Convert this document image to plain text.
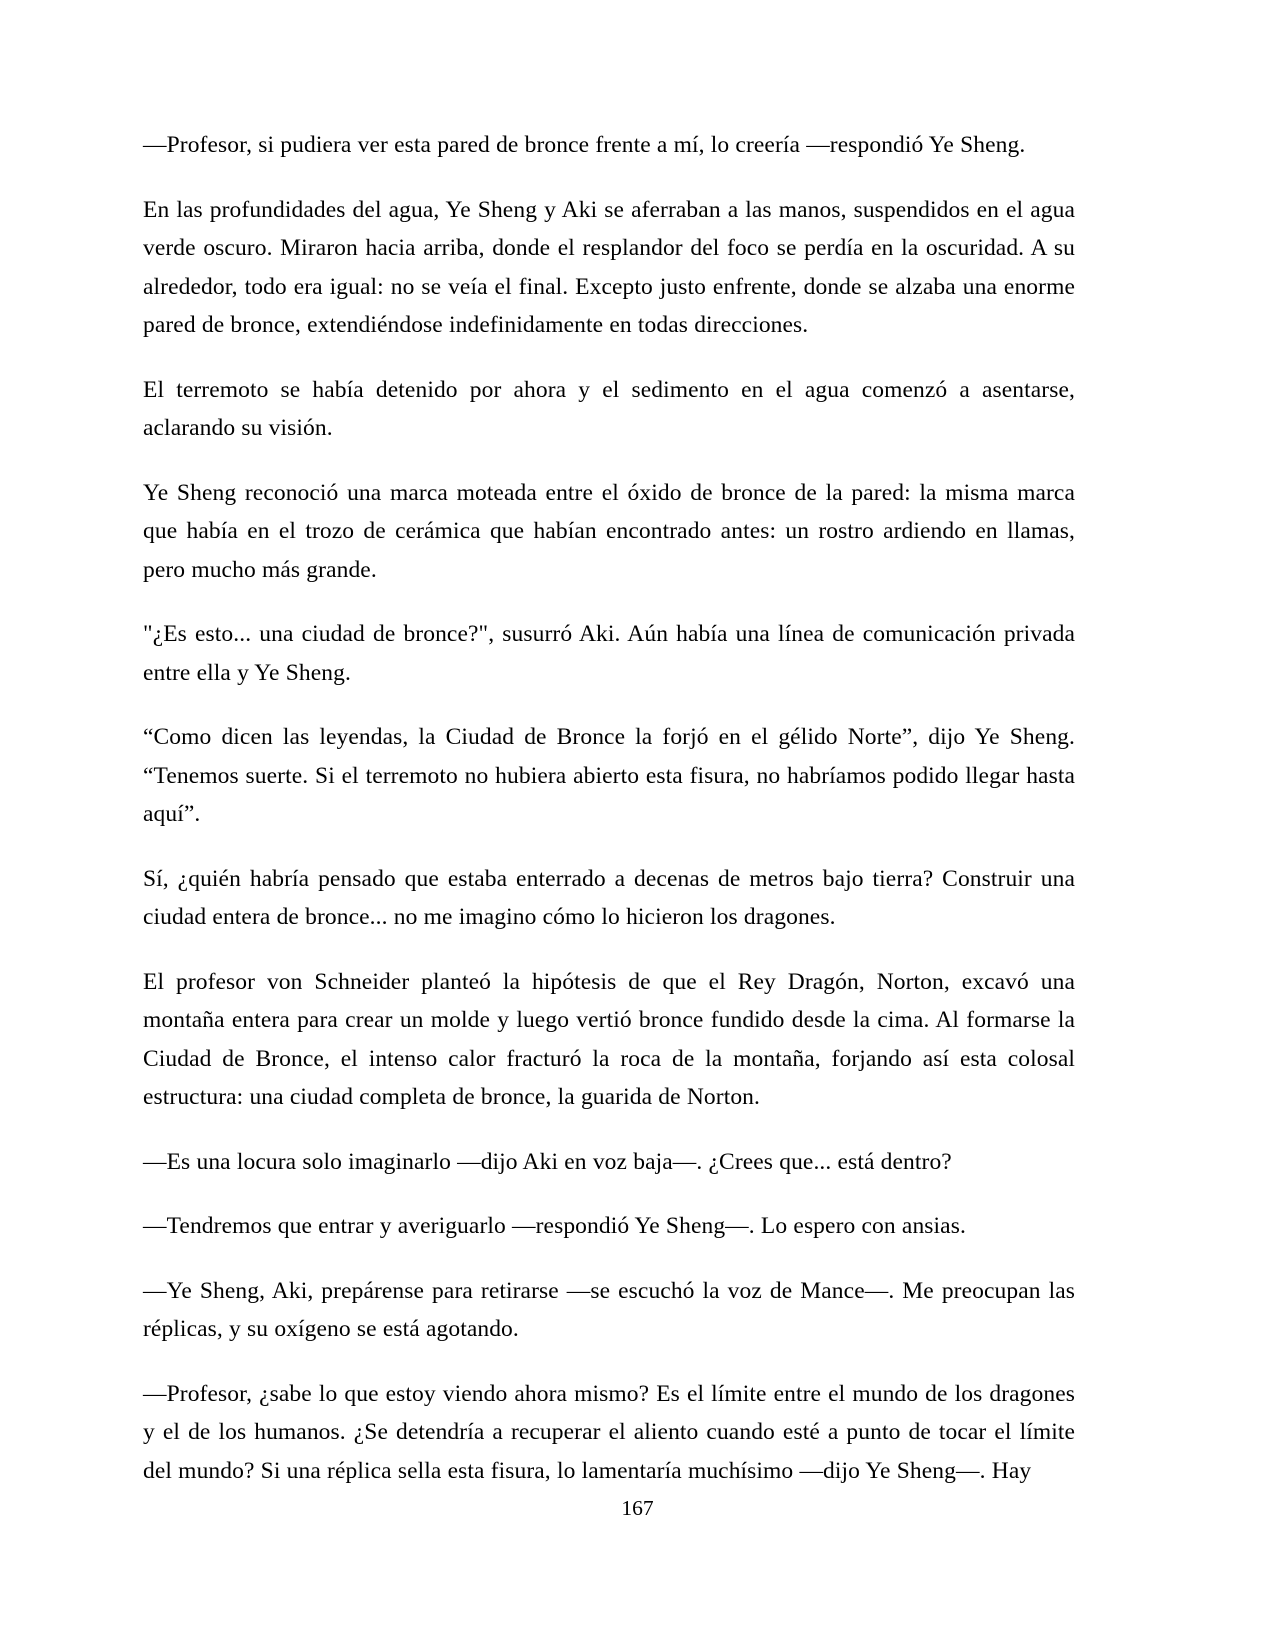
—Profesor, si pudiera ver esta pared de bronce frente a mí, lo creería —respondió Ye Sheng.

En las profundidades del agua, Ye Sheng y Aki se aferraban a las manos, suspendidos en el agua verde oscuro. Miraron hacia arriba, donde el resplandor del foco se perdía en la oscuridad. A su alrededor, todo era igual: no se veía el final. Excepto justo enfrente, donde se alzaba una enorme pared de bronce, extendiéndose indefinidamente en todas direcciones.

El terremoto se había detenido por ahora y el sedimento en el agua comenzó a asentarse, aclarando su visión.

Ye Sheng reconoció una marca moteada entre el óxido de bronce de la pared: la misma marca que había en el trozo de cerámica que habían encontrado antes: un rostro ardiendo en llamas, pero mucho más grande.

"¿Es esto... una ciudad de bronce?", susurró Aki. Aún había una línea de comunicación privada entre ella y Ye Sheng.

“Como dicen las leyendas, la Ciudad de Bronce la forjó en el gélido Norte”, dijo Ye Sheng. “Tenemos suerte. Si el terremoto no hubiera abierto esta fisura, no habríamos podido llegar hasta aquí”.

Sí, ¿quién habría pensado que estaba enterrado a decenas de metros bajo tierra? Construir una ciudad entera de bronce... no me imagino cómo lo hicieron los dragones.

El profesor von Schneider planteó la hipótesis de que el Rey Dragón, Norton, excavó una montaña entera para crear un molde y luego vertió bronce fundido desde la cima. Al formarse la Ciudad de Bronce, el intenso calor fracturó la roca de la montaña, forjando así esta colosal estructura: una ciudad completa de bronce, la guarida de Norton.

—Es una locura solo imaginarlo —dijo Aki en voz baja—. ¿Crees que... está dentro?

—Tendremos que entrar y averiguarlo —respondió Ye Sheng—. Lo espero con ansias.

—Ye Sheng, Aki, prepárense para retirarse —se escuchó la voz de Mance—. Me preocupan las réplicas, y su oxígeno se está agotando.

—Profesor, ¿sabe lo que estoy viendo ahora mismo? Es el límite entre el mundo de los dragones y el de los humanos. ¿Se detendría a recuperar el aliento cuando esté a punto de tocar el límite del mundo? Si una réplica sella esta fisura, lo lamentaría muchísimo —dijo Ye Sheng—. Hay

167
